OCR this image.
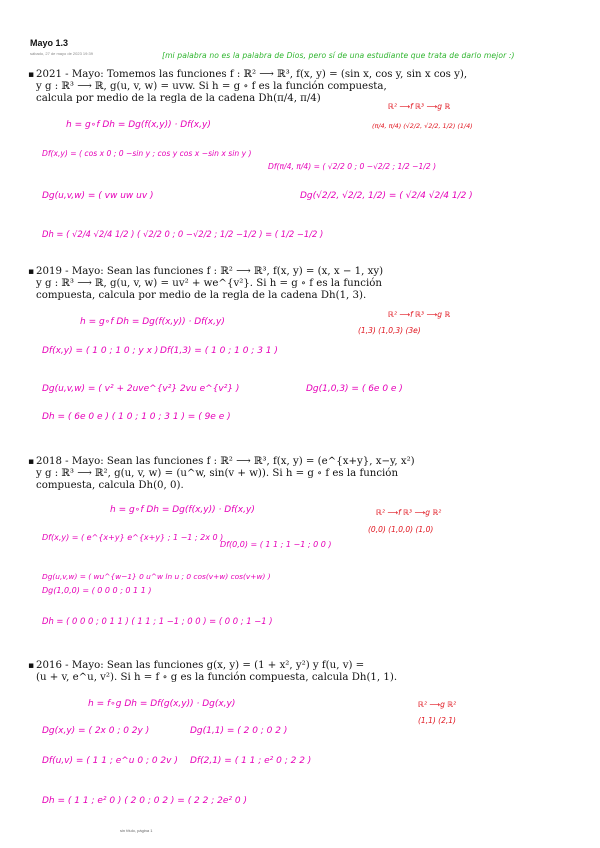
Mayo 1.3
sábado, 27 de mayo de 2023 19:39	[mi palabra no es la palabra de Dios, pero sí de una estudiante que trata de darlo mejor :)
▪ 2021 - Mayo: Tomemos las funciones f : ℝ² ⟶ ℝ³, f(x, y) = (sin x, cos y, sin x cos y),
y g : ℝ³ ⟶ ℝ, g(u, v, w) = uvw. Si h = g ∘ f es la función compuesta,
calcula por medio de la regla de la cadena Dh(π/4, π/4)
ℝ² ⟶f ℝ³ ⟶g ℝ
(π/4, π/4) (√2/2, √2/2, 1/2) (1/4)
h = g∘f Dh = Dg(f(x,y)) · Df(x,y)
Df(x,y) = ( cos x 0 ; 0 −sin y ; cos y cos x −sin x sin y )
Df(π/4, π/4) = ( √2/2 0 ; 0 −√2/2 ; 1/2 −1/2 )
Dg(u,v,w) = ( vw uw uv )	Dg(√2/2, √2/2, 1/2) = ( √2/4 √2/4 1/2 )
Dh = ( √2/4 √2/4 1/2 ) ( √2/2 0 ; 0 −√2/2 ; 1/2 −1/2 ) = ( 1/2 −1/2 )
▪ 2019 - Mayo: Sean las funciones f : ℝ² ⟶ ℝ³, f(x, y) = (x, x − 1, xy)
y g : ℝ³ ⟶ ℝ, g(u, v, w) = uv² + we^{v²}. Si h = g ∘ f es la función
compuesta, calcula por medio de la regla de la cadena Dh(1, 3).
ℝ² ⟶f ℝ³ ⟶g ℝ
(1,3) (1,0,3) (3e)
h = g∘f Dh = Dg(f(x,y)) · Df(x,y)
Df(x,y) = ( 1 0 ; 1 0 ; y x ) Df(1,3) = ( 1 0 ; 1 0 ; 3 1 )
Dg(u,v,w) = ( v² + 2uve^{v²} 2vu e^{v²} )	Dg(1,0,3) = ( 6e 0 e )
Dh = ( 6e 0 e ) ( 1 0 ; 1 0 ; 3 1 ) = ( 9e e )
▪ 2018 - Mayo: Sean las funciones f : ℝ² ⟶ ℝ³, f(x, y) = (e^{x+y}, x−y, x²)
y g : ℝ³ ⟶ ℝ², g(u, v, w) = (u^w, sin(v + w)). Si h = g ∘ f es la función
compuesta, calcula Dh(0, 0).
ℝ² ⟶f ℝ³ ⟶g ℝ²
(0,0) (1,0,0) (1,0)
h = g∘f Dh = Dg(f(x,y)) · Df(x,y)
Df(x,y) = ( e^{x+y} e^{x+y} ; 1 −1 ; 2x 0 )
Df(0,0) = ( 1 1 ; 1 −1 ; 0 0 )
Dg(u,v,w) = ( wu^{w−1} 0 u^w ln u ; 0 cos(v+w) cos(v+w) )
Dg(1,0,0) = ( 0 0 0 ; 0 1 1 )
Dh = ( 0 0 0 ; 0 1 1 ) ( 1 1 ; 1 −1 ; 0 0 ) = ( 0 0 ; 1 −1 )
▪ 2016 - Mayo: Sean las funciones g(x, y) = (1 + x², y²) y f(u, v) =
(u + v, e^u, v²). Si h = f ∘ g es la función compuesta, calcula Dh(1, 1).
ℝ² ⟶g ℝ²
(1,1) (2,1)
h = f∘g Dh = Df(g(x,y)) · Dg(x,y)
Dg(x,y) = ( 2x 0 ; 0 2y )	Dg(1,1) = ( 2 0 ; 0 2 )
Df(u,v) = ( 1 1 ; e^u 0 ; 0 2v ) Df(2,1) = ( 1 1 ; e² 0 ; 2 2 )
Dh = ( 1 1 ; e² 0 ) ( 2 0 ; 0 2 ) = ( 2 2 ; 2e² 0 )
sin título, página 1
